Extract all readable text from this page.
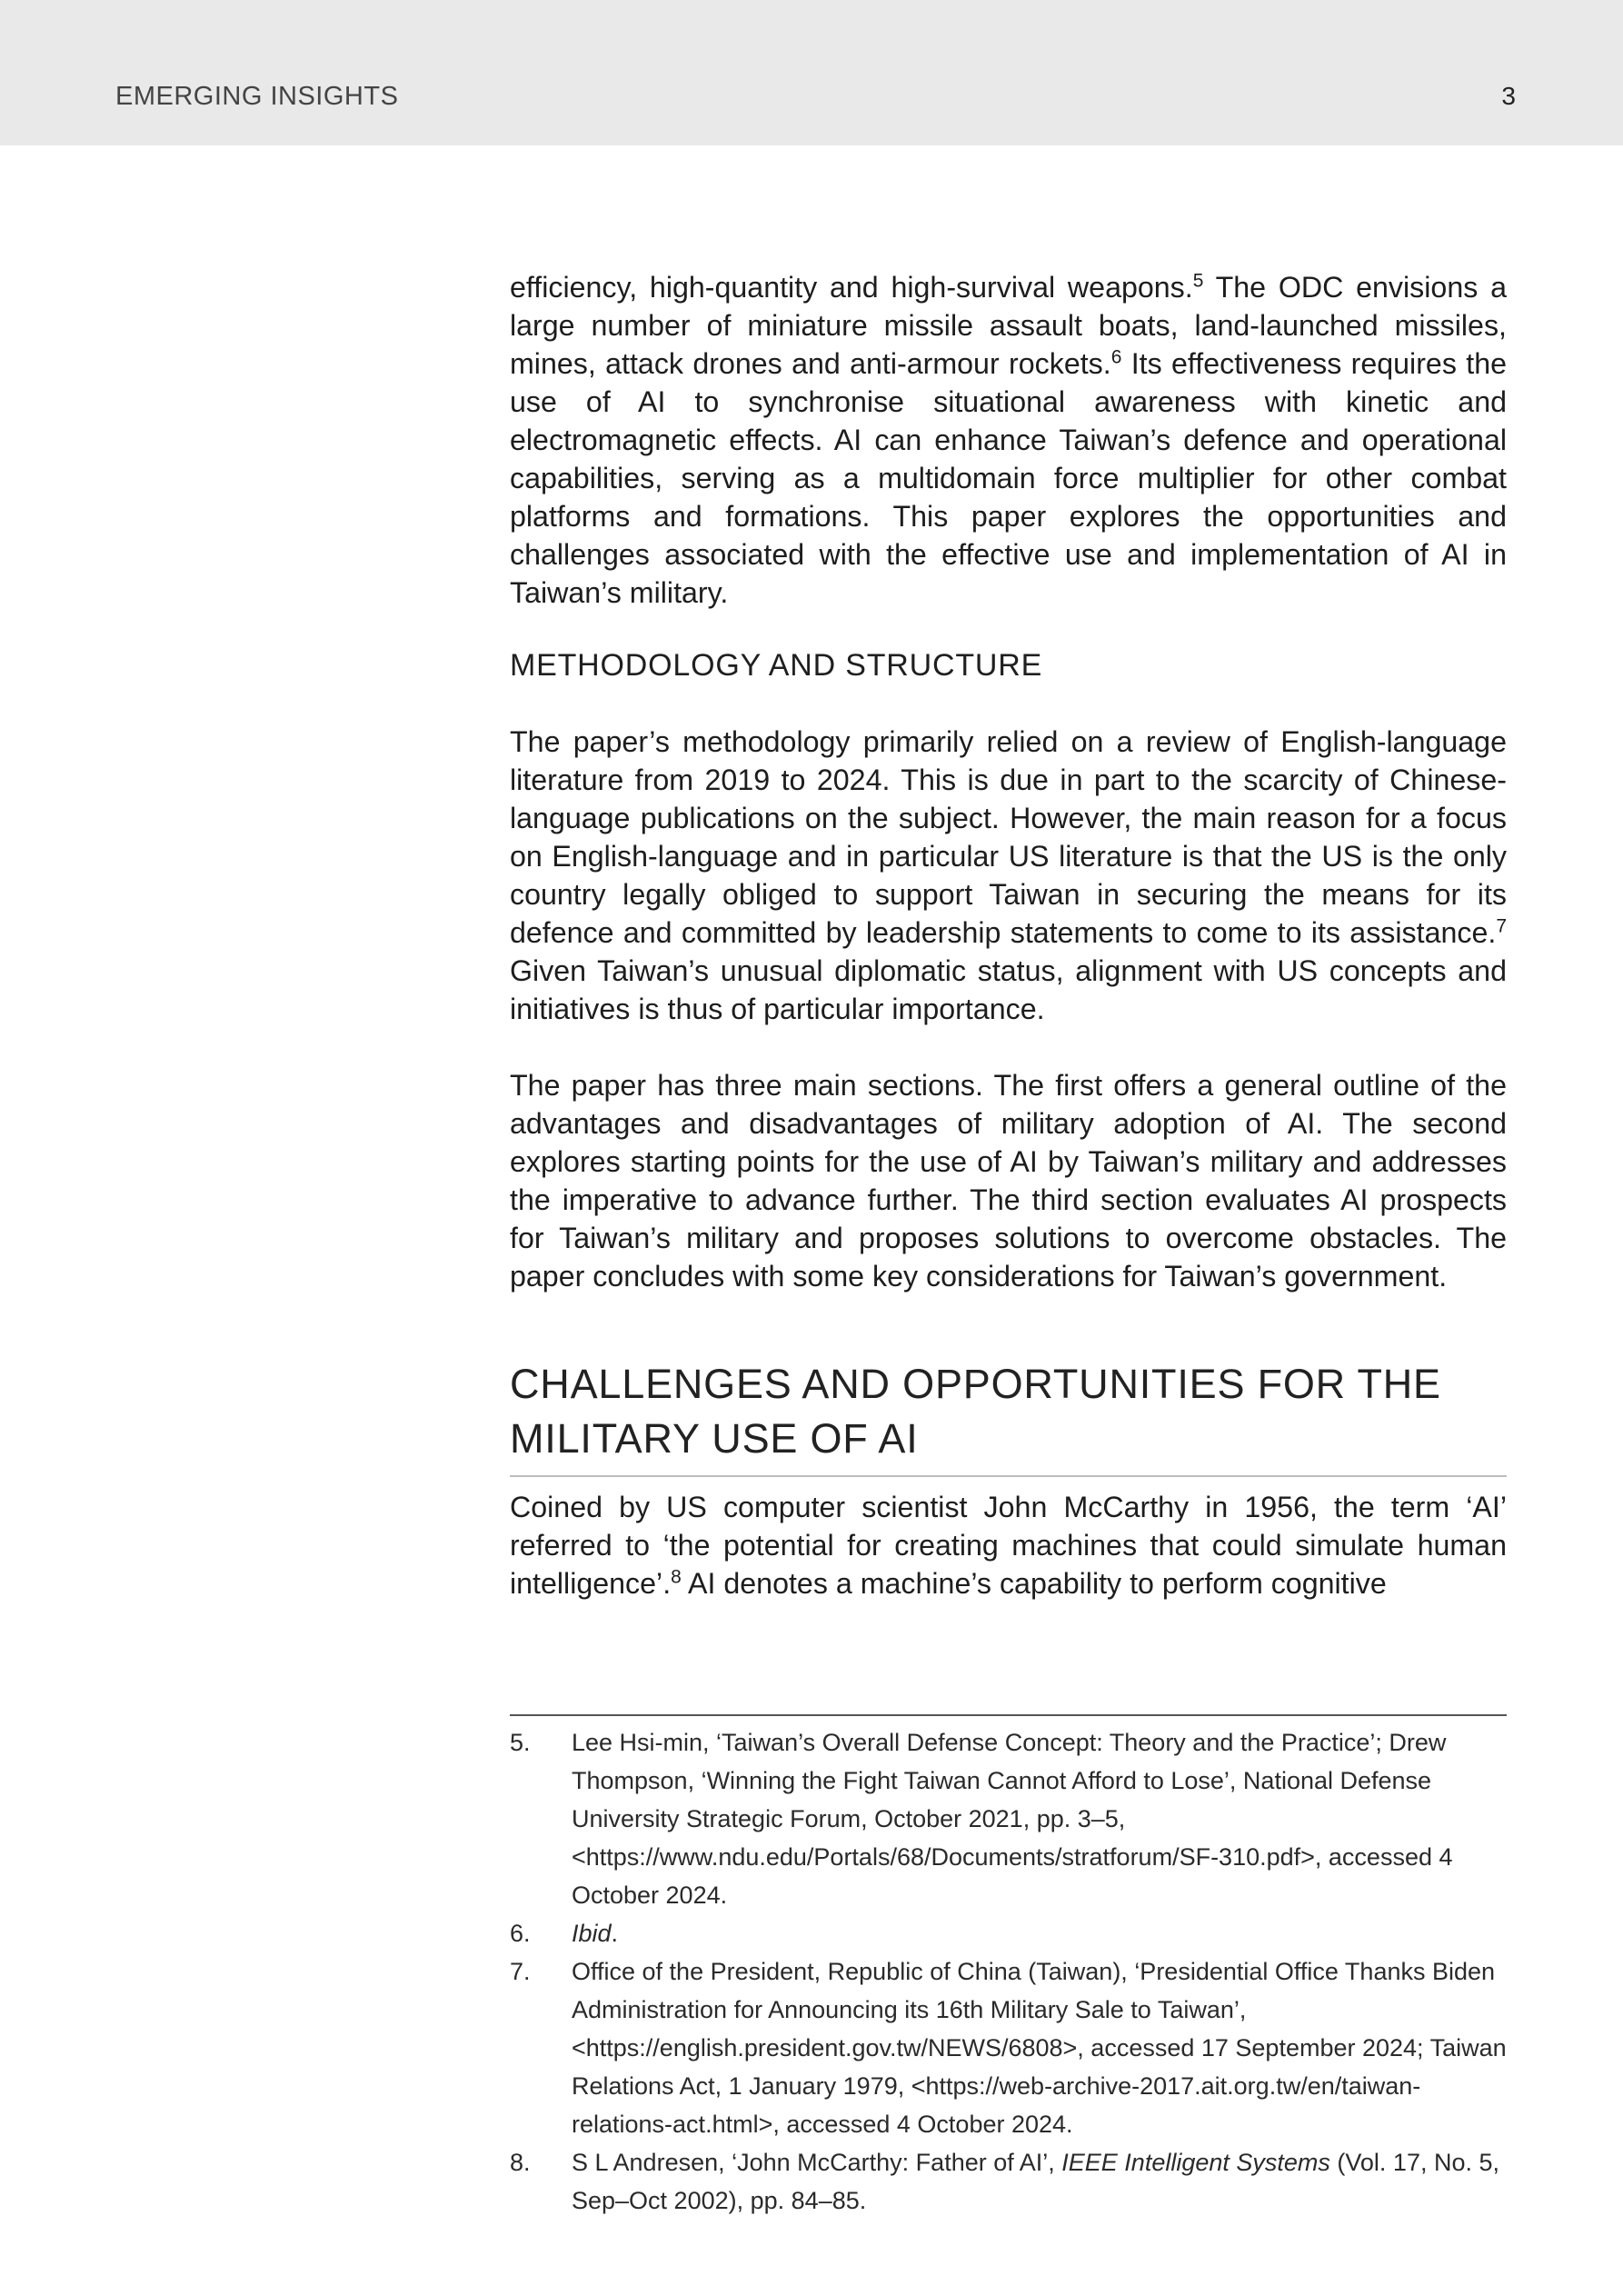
EMERGING INSIGHTS	3

efficiency, high-quantity and high-survival weapons.$^5$ The ODC envisions a large number of miniature missile assault boats, land-launched missiles, mines, attack drones and anti-armour rockets.$^6$ Its effectiveness requires the use of AI to synchronise situational awareness with kinetic and electromagnetic effects. AI can enhance Taiwan’s defence and operational capabilities, serving as a multidomain force multiplier for other combat platforms and formations. This paper explores the opportunities and challenges associated with the effective use and implementation of AI in Taiwan’s military.

METHODOLOGY AND STRUCTURE

The paper’s methodology primarily relied on a review of English-language literature from 2019 to 2024. This is due in part to the scarcity of Chinese-language publications on the subject. However, the main reason for a focus on English-language and in particular US literature is that the US is the only country legally obliged to support Taiwan in securing the means for its defence and committed by leadership statements to come to its assistance.$^7$ Given Taiwan’s unusual diplomatic status, alignment with US concepts and initiatives is thus of particular importance.

The paper has three main sections. The first offers a general outline of the advantages and disadvantages of military adoption of AI. The second explores starting points for the use of AI by Taiwan’s military and addresses the imperative to advance further. The third section evaluates AI prospects for Taiwan’s military and proposes solutions to overcome obstacles. The paper concludes with some key considerations for Taiwan’s government.

CHALLENGES AND OPPORTUNITIES FOR THE
MILITARY USE OF AI

Coined by US computer scientist John McCarthy in 1956, the term ‘AI’ referred to ‘the potential for creating machines that could simulate human intelligence’.$^8$ AI denotes a machine’s capability to perform cognitive

5.	Lee Hsi-min, ‘Taiwan’s Overall Defense Concept: Theory and the Practice’; Drew Thompson, ‘Winning the Fight Taiwan Cannot Afford to Lose’, National Defense University Strategic Forum, October 2021, pp. 3–5, <https://www.ndu.edu/Portals/68/Documents/stratforum/SF-310.pdf>, accessed 4 October 2024.
6.	Ibid.
7.	Office of the President, Republic of China (Taiwan), ‘Presidential Office Thanks Biden Administration for Announcing its 16th Military Sale to Taiwan’, <https://english.president.gov.tw/NEWS/6808>, accessed 17 September 2024; Taiwan Relations Act, 1 January 1979, <https://web-archive-2017.ait.org.tw/en/taiwan-relations-act.html>, accessed 4 October 2024.
8.	S L Andresen, ‘John McCarthy: Father of AI’, IEEE Intelligent Systems (Vol. 17, No. 5, Sep–Oct 2002), pp. 84–85.
